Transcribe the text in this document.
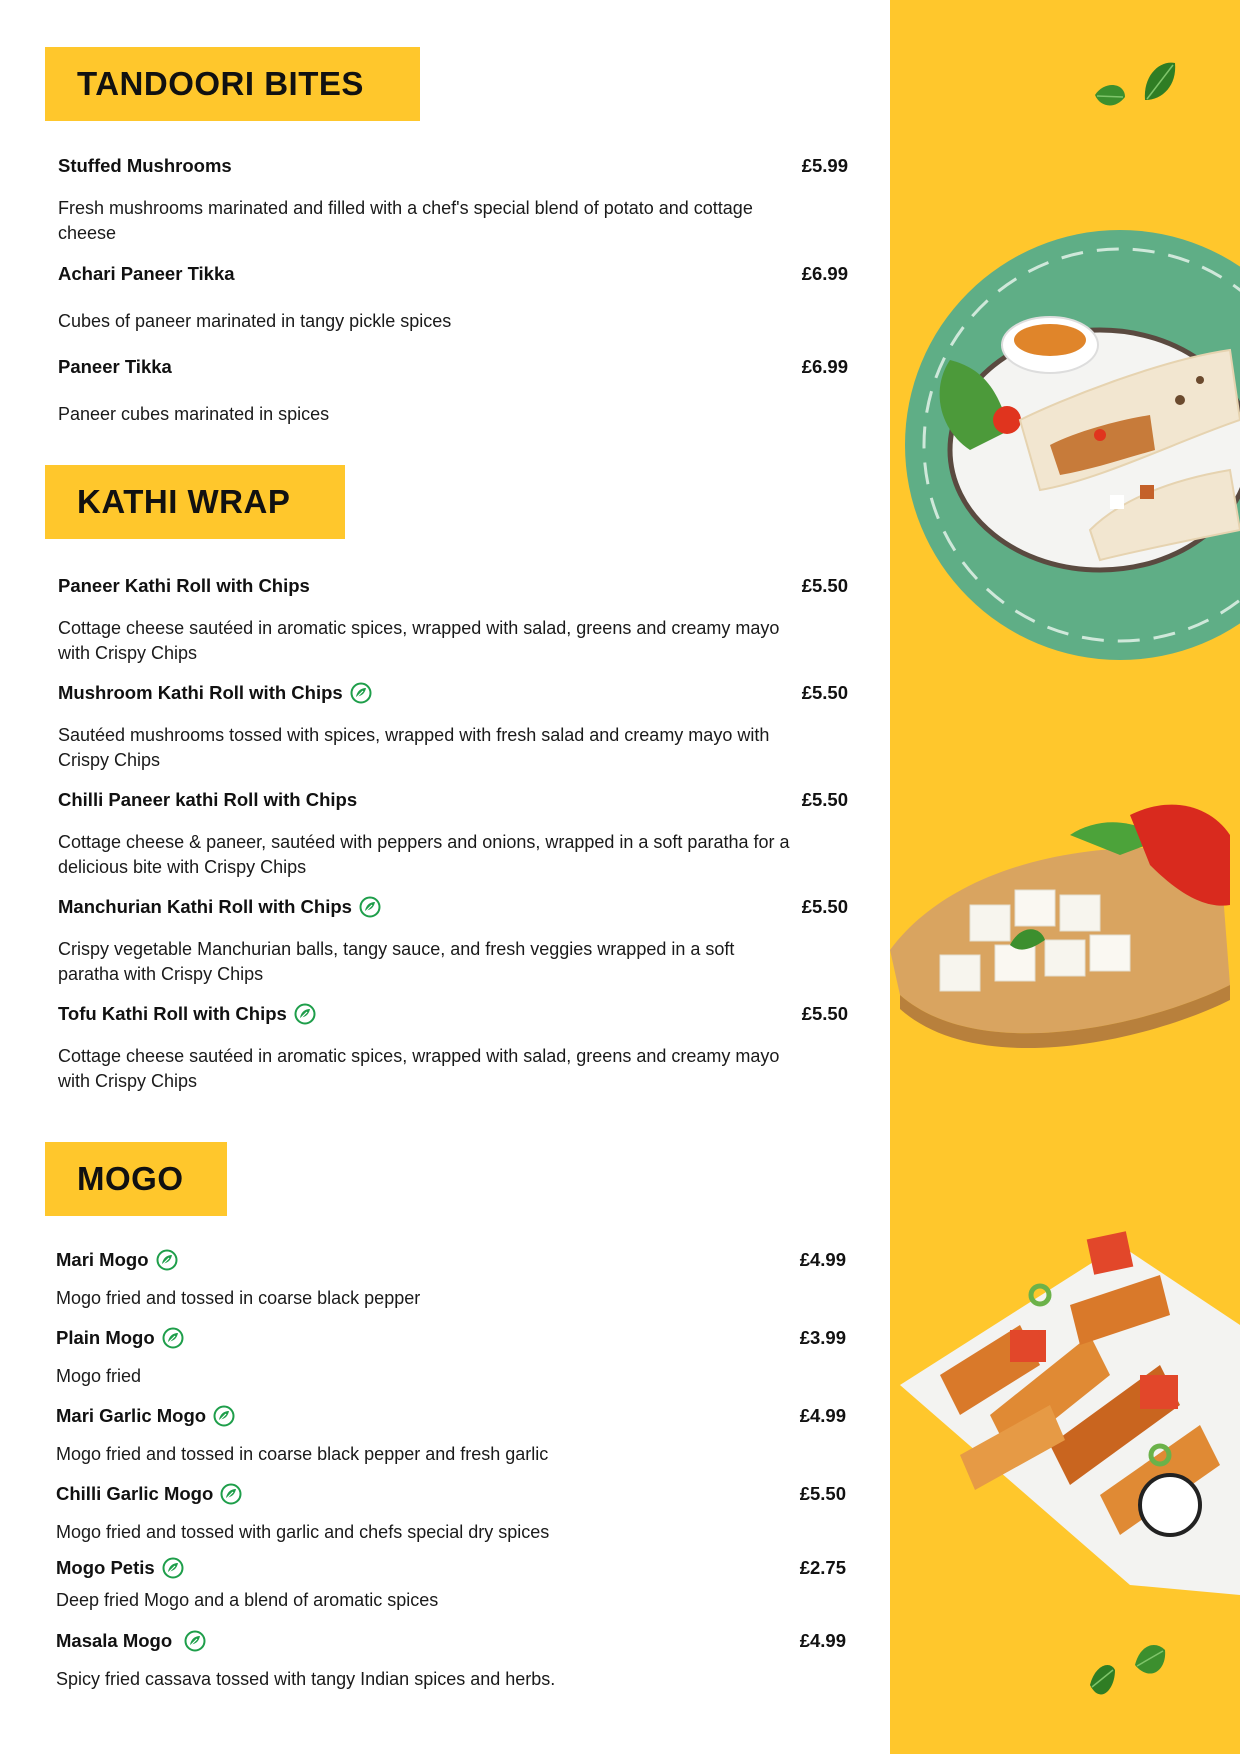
TANDOORI BITES
KATHI WRAP
MOGO
Stuffed Mushrooms	£5.99
Fresh mushrooms marinated and filled with a chef's special blend of potato and cottage cheese
Achari Paneer Tikka	£6.99
Cubes of paneer marinated in tangy pickle spices
Paneer Tikka	£6.99
Paneer cubes marinated in spices
Paneer Kathi Roll with Chips	£5.50
Cottage cheese sautéed in aromatic spices, wrapped with salad, greens and creamy mayo with Crispy Chips
Mushroom Kathi Roll with Chips	£5.50
Sautéed mushrooms tossed with spices, wrapped with fresh salad and creamy mayo with Crispy Chips
Chilli Paneer kathi Roll with Chips	£5.50
Cottage cheese & paneer, sautéed with peppers and onions, wrapped in a soft paratha for a delicious bite with Crispy Chips
Manchurian Kathi Roll with Chips	£5.50
Crispy vegetable Manchurian balls, tangy sauce, and fresh veggies wrapped in a soft paratha with Crispy Chips
Tofu Kathi Roll with Chips	£5.50
Cottage cheese sautéed in aromatic spices, wrapped with salad, greens and creamy mayo with Crispy Chips
Mari Mogo	£4.99
Mogo fried and tossed in coarse black pepper
Plain Mogo	£3.99
Mogo fried
Mari Garlic Mogo	£4.99
Mogo fried and tossed in coarse black pepper and fresh garlic
Chilli Garlic Mogo	£5.50
Mogo fried and tossed with garlic and chefs special dry spices
Mogo Petis	£2.75
Deep fried Mogo and a blend of aromatic spices
Masala Mogo	£4.99
Spicy fried cassava tossed with tangy Indian spices and herbs.
